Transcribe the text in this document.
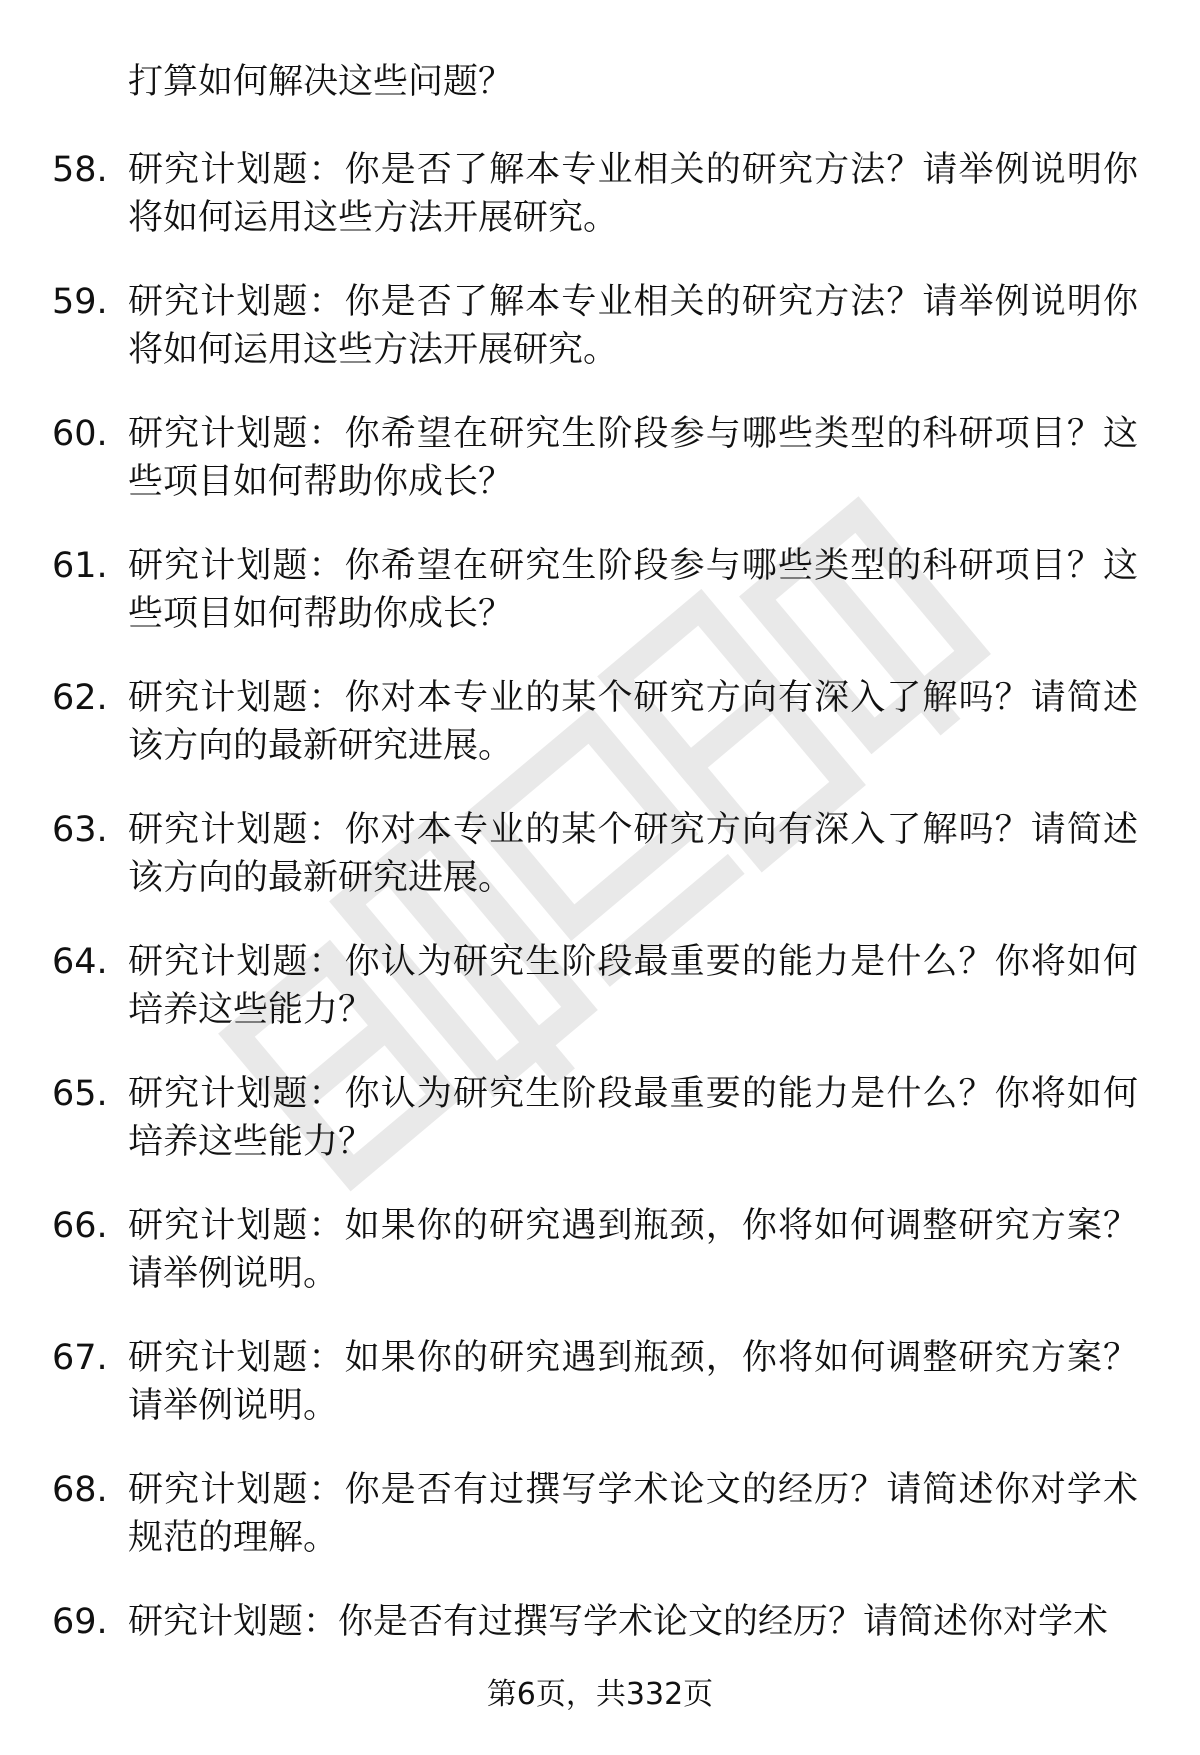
打算如何解决这些问题？

58. 研究计划题：你是否了解本专业相关的研究方法？请举例说明你将如何运用这些方法开展研究。

59. 研究计划题：你是否了解本专业相关的研究方法？请举例说明你将如何运用这些方法开展研究。

60. 研究计划题：你希望在研究生阶段参与哪些类型的科研项目？这些项目如何帮助你成长？

61. 研究计划题：你希望在研究生阶段参与哪些类型的科研项目？这些项目如何帮助你成长？

62. 研究计划题：你对本专业的某个研究方向有深入了解吗？请简述该方向的最新研究进展。

63. 研究计划题：你对本专业的某个研究方向有深入了解吗？请简述该方向的最新研究进展。

64. 研究计划题：你认为研究生阶段最重要的能力是什么？你将如何培养这些能力？

65. 研究计划题：你认为研究生阶段最重要的能力是什么？你将如何培养这些能力？

66. 研究计划题：如果你的研究遇到瓶颈，你将如何调整研究方案？请举例说明。

67. 研究计划题：如果你的研究遇到瓶颈，你将如何调整研究方案？请举例说明。

68. 研究计划题：你是否有过撰写学术论文的经历？请简述你对学术规范的理解。

69. 研究计划题：你是否有过撰写学术论文的经历？请简述你对学术

第6页，共332页
